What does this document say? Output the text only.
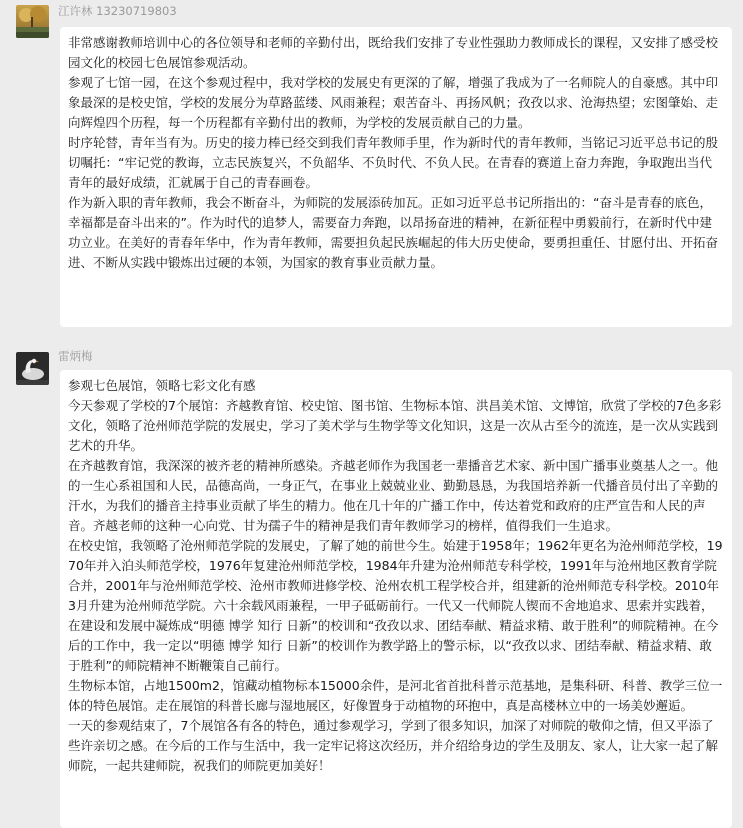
江许林 13230719803

非常感谢教师培训中心的各位领导和老师的辛勤付出，既给我们安排了专业性强助力教师成长的课程，又安排了感受校园文化的校园七色展馆参观活动。

参观了七馆一园，在这个参观过程中，我对学校的发展史有更深的了解，增强了我成为了一名师院人的自豪感。其中印象最深的是校史馆，学校的发展分为草路蓝缕、风雨兼程；艰苦奋斗、再扬风帆；孜孜以求、沧海热望；宏图肇始、走向辉煌四个历程，每一个历程都有辛勤付出的教师，为学校的发展贡献自己的力量。

时序轮替，青年当有为。历史的接力棒已经交到我们青年教师手里，作为新时代的青年教师，当铭记习近平总书记的殷切嘱托：“牢记党的教诲，立志民族复兴，不负韶华、不负时代、不负人民。在青春的赛道上奋力奔跑，争取跑出当代青年的最好成绩，汇就属于自己的青春画卷。

作为新入职的青年教师，我会不断奋斗，为师院的发展添砖加瓦。正如习近平总书记所指出的：“奋斗是青春的底色，幸福都是奋斗出来的”。作为时代的追梦人，需要奋力奔跑，以昂扬奋进的精神，在新征程中勇毅前行，在新时代中建功立业。在美好的青春年华中，作为青年教师，需要担负起民族崛起的伟大历史使命，要勇担重任、甘愿付出、开拓奋进、不断从实践中锻炼出过硬的本领，为国家的教育事业贡献力量。

雷炳梅

参观七色展馆，领略七彩文化有感

今天参观了学校的7个展馆：齐越教育馆、校史馆、图书馆、生物标本馆、洪昌美术馆、文博馆，欣赏了学校的7色多彩文化，领略了沧州师范学院的发展史，学习了美术学与生物学等文化知识，这是一次从古至今的流连，是一次从实践到艺术的升华。

在齐越教育馆，我深深的被齐老的精神所感染。齐越老师作为我国老一辈播音艺术家、新中国广播事业奠基人之一。他的一生心系祖国和人民，品德高尚，一身正气，在事业上兢兢业业、勤勤恳恳，为我国培养新一代播音员付出了辛勤的汗水，为我们的播音主持事业贡献了毕生的精力。他在几十年的广播工作中，传达着党和政府的庄严宣告和人民的声音。齐越老师的这种一心向党、甘为孺子牛的精神是我们青年教师学习的榜样，值得我们一生追求。

在校史馆，我领略了沧州师范学院的发展史，了解了她的前世今生。始建于1958年；1962年更名为沧州师范学校，1970年并入泊头师范学校，1976年复建沧州师范学校，1984年升建为沧州师范专科学校，1991年与沧州地区教育学院合并，2001年与沧州师范学校、沧州市教师进修学校、沧州农机工程学校合并，组建新的沧州师范专科学校。2010年3月升建为沧州师范学院。六十余载风雨兼程，一甲子砥砺前行。一代又一代师院人锲而不舍地追求、思索并实践着，在建设和发展中凝炼成“明德 博学 知行 日新”的校训和“孜孜以求、团结奉献、精益求精、敢于胜利”的师院精神。在今后的工作中，我一定以“明德 博学 知行 日新”的校训作为教学路上的警示标，以“孜孜以求、团结奉献、精益求精、敢于胜利”的师院精神不断鞭策自己前行。

生物标本馆，占地1500m2，馆藏动植物标本15000余件，是河北省首批科普示范基地，是集科研、科普、教学三位一体的特色展馆。走在展馆的科普长廊与湿地展区，好像置身于动植物的环抱中，真是高楼林立中的一场美妙邂逅。

一天的参观结束了，7个展馆各有各的特色，通过参观学习，学到了很多知识，加深了对师院的敬仰之情，但又平添了些许亲切之感。在今后的工作与生活中，我一定牢记将这次经历，并介绍给身边的学生及朋友、家人，让大家一起了解师院，一起共建师院，祝我们的师院更加美好！
